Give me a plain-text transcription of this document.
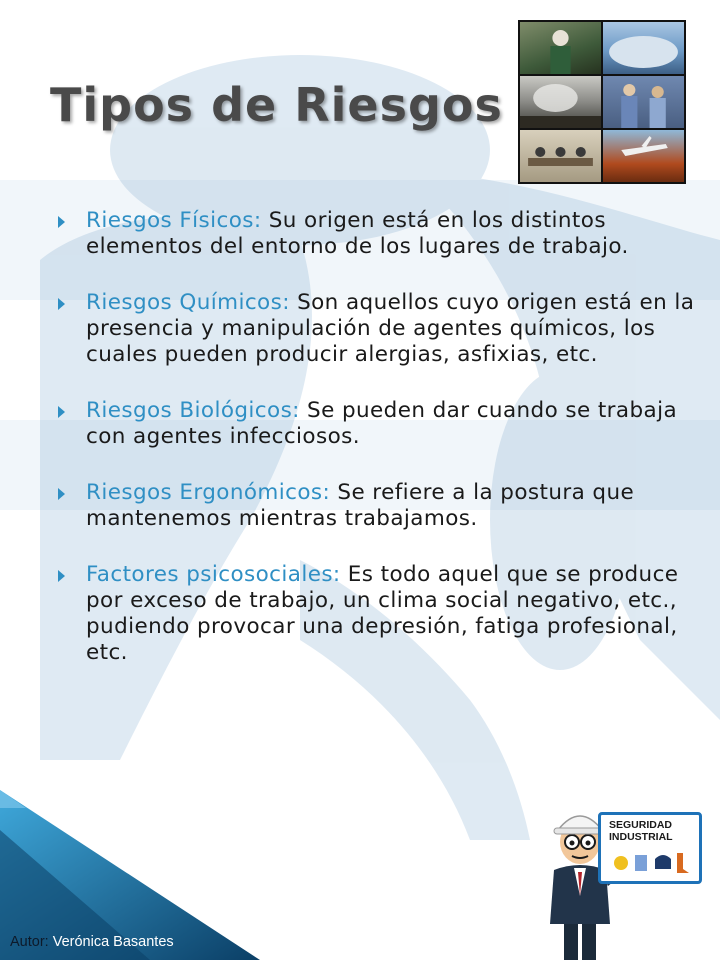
Tipos de Riesgos
Riesgos Físicos: Su origen está en los distintos elementos del entorno de los lugares de trabajo.
Riesgos Químicos: Son aquellos cuyo origen está en la presencia y manipulación de agentes químicos, los cuales pueden producir alergias, asfixias, etc.
Riesgos Biológicos: Se pueden dar cuando se trabaja con agentes infecciosos.
Riesgos Ergonómicos: Se refiere a la postura que mantenemos mientras trabajamos.
Factores psicosociales: Es todo aquel que se produce por exceso de trabajo, un clima social negativo, etc., pudiendo provocar una depresión, fatiga profesional, etc.
SEGURIDAD
INDUSTRIAL
Autor: Verónica Basantes
